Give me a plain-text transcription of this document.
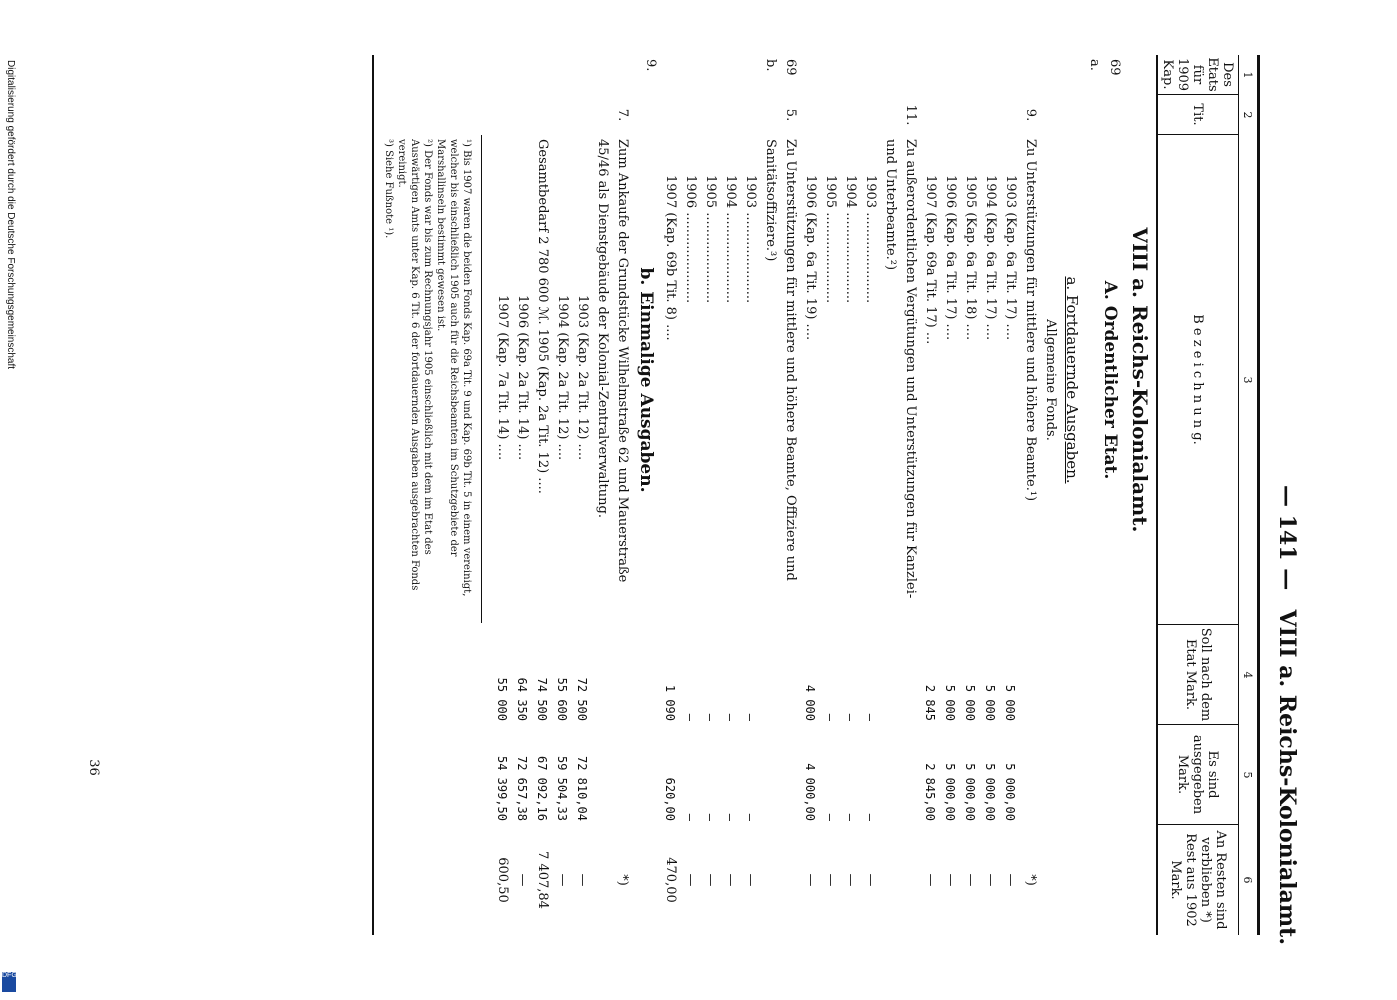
— 141 —
VIII a. Reichs-Kolonialamt.
1
2
3
4
5
6
Des Etats für 1909 Kap.
Tit.
B e z e i c h n u n g.
Soll nach dem Etat Mark.
Es sind ausgegeben Mark.
An Resten sind verblieben *) Rest aus 1902 Mark.
VIII a. Reichs-Kolonialamt.
69 a.
A. Ordentlicher Etat.
a. Fortdauernde Ausgaben.
Allgemeine Fonds.
9.
Zu Unterstützungen für mittlere und höhere Beamte.¹)
*)
1903 (Kap. 6a Tit. 17) ....
5 000
5 000,00
—
1904 (Kap. 6a Tit. 17) ....
5 000
5 000,00
—
1905 (Kap. 6a Tit. 18) ....
5 000
5 000,00
—
1906 (Kap. 6a Tit. 17) ....
5 000
5 000,00
—
1907 (Kap. 69a Tit. 17) ...
2 845
2 845,00
—
11.
Zu außerordentlichen Vergütungen und Unterstützungen für Kanzlei- und Unterbeamte.²)
1903 ......................
—
—
—
1904 ......................
—
—
—
1905 ......................
—
—
—
1906 (Kap. 6a Tit. 19) ....
4 000
4 000,00
—
69 b.
5.
Zu Unterstützungen für mittlere und höhere Beamte, Offiziere und Sanitätsoffiziere.³)
1903 ......................
—
—
—
1904 ......................
—
—
—
1905 ......................
—
—
—
1906 ......................
—
—
—
1907 (Kap. 69b Tit. 8) ....
1 090
620,00
470,00
9.
b. Einmalige Ausgaben.
7.
Zum Ankaufe der Grundstücke Wilhelmstraße 62 und Mauerstraße 45/46 als Dienstgebäude der Kolonial-Zentralverwaltung.
*)
1903 (Kap. 2a Tit. 12) ....
72 500
72 810,04
—
1904 (Kap. 2a Tit. 12) ....
55 600
59 504,33
—
Gesamtbedarf 2 780 600 ℳ. 1905 (Kap. 2a Tit. 12) ....
74 500
67 092,16
7 407,84
1906 (Kap. 2a Tit. 14) ....
64 350
72 657,38
—
1907 (Kap. 7a Tit. 14) ....
55 000
54 399,50
600,50
¹) Bis 1907 waren die beiden Fonds Kap. 69a Tit. 9 und Kap. 69b Tit. 5 in einem vereinigt, welcher bis einschließlich 1905 auch für die Reichsbeamten im Schutzgebiete der Marshallinseln bestimmt gewesen ist.
²) Der Fonds war bis zum Rechnungsjahr 1905 einschließlich mit dem im Etat des Auswärtigen Amts unter Kap. 6 Tit. 6 der fortdauernden Ausgaben ausgebrachten Fonds vereinigt.
³) Siehe Fußnote ¹).
36
Digitalisierung gefördert durch die Deutsche Forschungsgemeinschaft
DFG
